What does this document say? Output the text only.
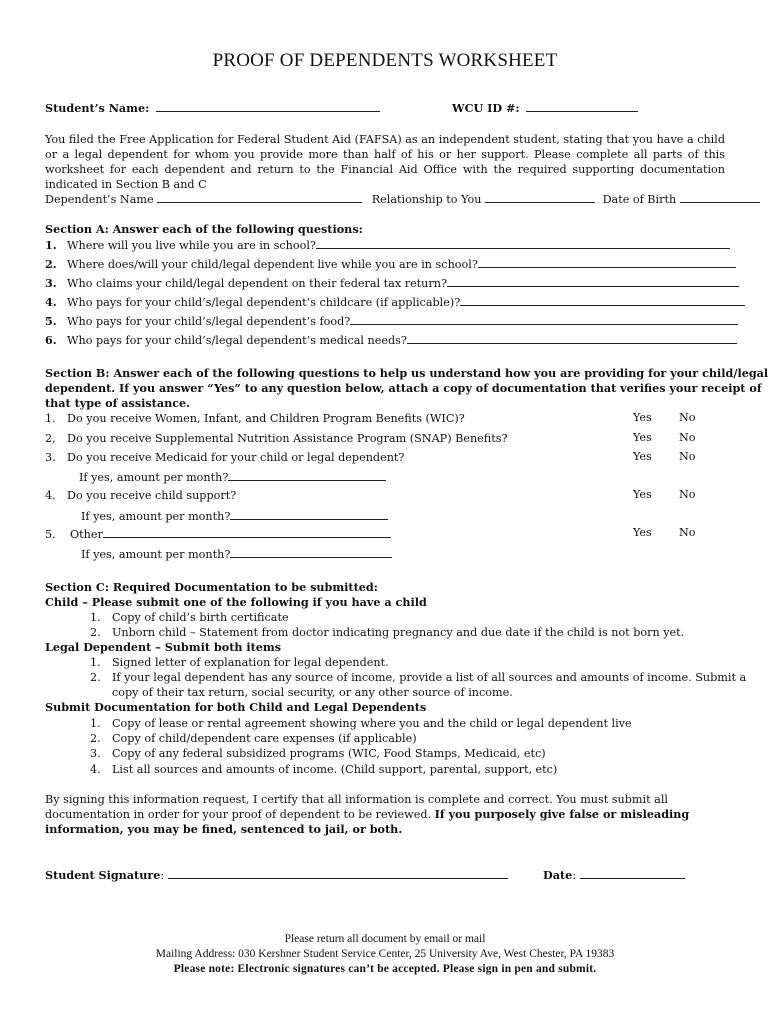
PROOF OF DEPENDENTS WORKSHEET
Student’s Name:	WCU ID #:
You filed the Free Application for Federal Student Aid (FAFSA) as an independent student, stating that you have a child or a legal dependent for whom you provide more than half of his or her support. Please complete all parts of this worksheet for each dependent and return to the Financial Aid Office with the required supporting documentation indicated in Section B and C
Dependent’s Name	Relationship to You	Date of Birth
Section A: Answer each of the following questions:
1. Where will you live while you are in school?
2. Where does/will your child/legal dependent live while you are in school?
3. Who claims your child/legal dependent on their federal tax return?
4. Who pays for your child’s/legal dependent’s childcare (if applicable)?
5. Who pays for your child’s/legal dependent’s food?
6. Who pays for your child’s/legal dependent’s medical needs?
Section B: Answer each of the following questions to help us understand how you are providing for your child/legal
dependent. If you answer “Yes” to any question below, attach a copy of documentation that verifies your receipt of
that type of assistance.
1. Do you receive Women, Infant, and Children Program Benefits (WIC)?	Yes No
2, Do you receive Supplemental Nutrition Assistance Program (SNAP) Benefits?	Yes No
3. Do you receive Medicaid for your child or legal dependent?	Yes No
If yes, amount per month?
4. Do you receive child support?	Yes No
If yes, amount per month?
5. Other	Yes No
If yes, amount per month?
Section C: Required Documentation to be submitted:
Child – Please submit one of the following if you have a child
1. Copy of child’s birth certificate
2. Unborn child – Statement from doctor indicating pregnancy and due date if the child is not born yet.
Legal Dependent – Submit both items
1. Signed letter of explanation for legal dependent.
2. If your legal dependent has any source of income, provide a list of all sources and amounts of income. Submit a
copy of their tax return, social security, or any other source of income.
Submit Documentation for both Child and Legal Dependents
1. Copy of lease or rental agreement showing where you and the child or legal dependent live
2. Copy of child/dependent care expenses (if applicable)
3. Copy of any federal subsidized programs (WIC, Food Stamps, Medicaid, etc)
4. List all sources and amounts of income. (Child support, parental, support, etc)
By signing this information request, I certify that all information is complete and correct. You must submit all documentation in order for your proof of dependent to be reviewed. If you purposely give false or misleading information, you may be fined, sentenced to jail, or both.
Student Signature:	Date:
Please return all document by email or mail
Mailing Address: 030 Kershner Student Service Center, 25 University Ave, West Chester, PA 19383
Please note: Electronic signatures can’t be accepted. Please sign in pen and submit.
